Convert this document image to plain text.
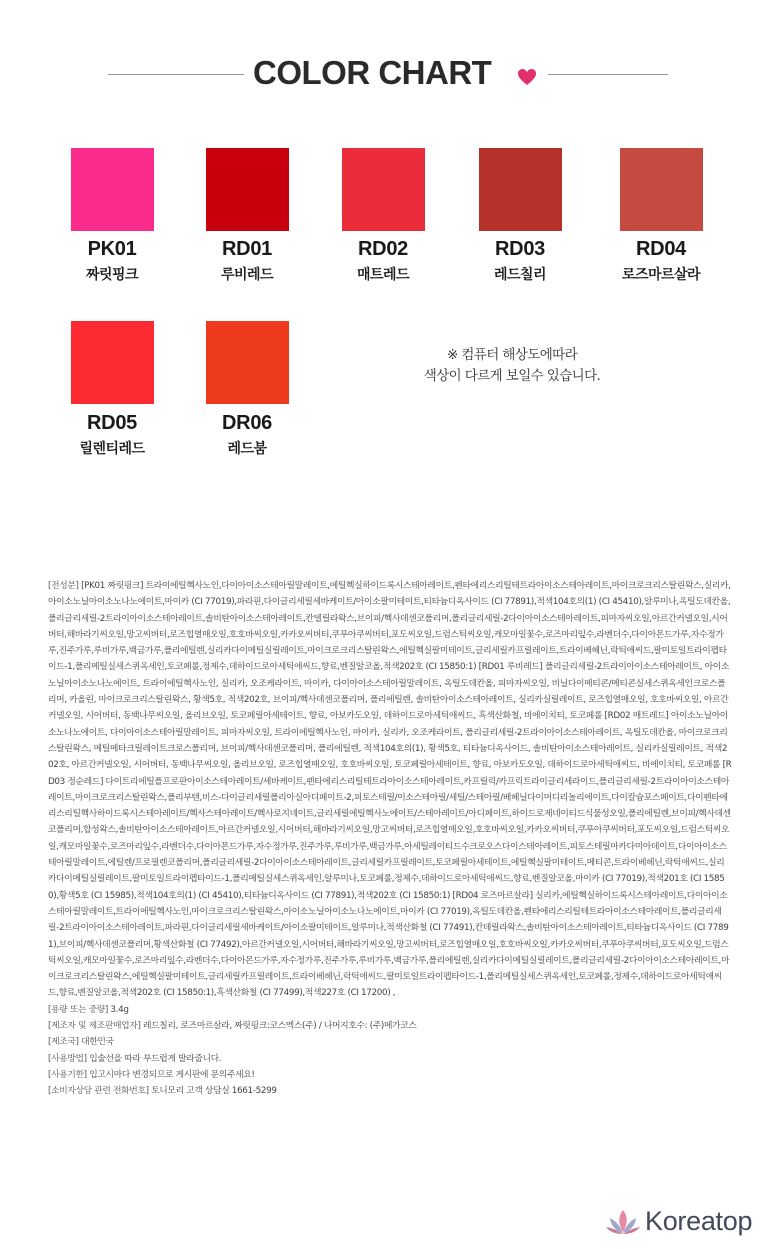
COLOR CHART
PK01
짜릿핑크
RD01
루비레드
RD02
매트레드
RD03
레드칠리
RD04
로즈마르살라
RD05
릴렌티레드
DR06
레드붐
※ 컴퓨터 해상도에따라
색상이 다르게 보일수 있습니다.

[전성분] [PK01 짜릿핑크] 트라이에틸헥사노인,다이아이소스테아릴말레이트,에틸헥실하이드록시스테아레이트,펜타에리스리틸테트라아이소스테아레이트,마이크로크리스탈린왁스,실리카,아이소노닐아이소노나노에이트,마이카 (CI 77019),파라핀,다이글리세릴세바케이트/아이소팔미테이트,티타늄디옥사이드 (CI 77891),적색104호의(1) (CI 45410),알루미나,옥틸도데칸올,폴리글리세릴-2트라이아이소스테아레이트,솔비탄아이소스테아레이트,칸델릴라왁스,브이피/헥사데센코폴리머,폴리글리세릴-2다이아이소스테아레이트,피마자씨오일,아르간커넬오일,시어버터,해바라기씨오일,망고씨버터,로즈힙열매오일,호호바씨오일,카카오씨버터,쿠푸아쿠씨버터,포도씨오일,드럼스틱씨오일,캐모마일꽃수,로즈마리잎수,라벤더수,다이아몬드가루,자수정가루,진주가루,루비가루,백금가루,폴리에틸렌,실리카다이메틸실릴레이트,마이크로크리스탈린왁스,에틸헥실팔미테이트,글리세릴카프릴레이트,트라이베헤닌,락틱애씨드,팔미토일트라이펩타이드-1,폴리메틸실세스퀴옥세인,토코페롤,정제수,데하이드로아세틱애씨드,향료,벤질알코올,적색202호 (CI 15850:1) [RD01 루비레드] 폴리글리세릴-2트라이아이소스테아레이트, 아이소노닐아이소노나노에이트, 트라이에틸헥사노인, 실리카, 오조케라이트, 마이카, 다이아이소스테아릴말레이트, 옥틸도데칸올, 피마자씨오일, 비닐다이메티콘/메티콘실세스퀴옥세인크로스폴리머, 카올린, 마이크로크리스탈린왁스, 황색5호, 적색202호, 브이피/헥사데센코폴리머, 폴리에틸렌, 솔비탄아이소스테아레이트, 실리카실릴레이트, 로즈힙열매오일, 호호바씨오일, 아르간커넬오일, 시어버터, 동백나무씨오일, 올리브오일, 토코페릴아세테이트, 향료, 아보카도오일, 데하이드로아세틱애씨드, 흑색산화철, 비에이치티, 토코페롤 [RD02 매트레드] 아이소노닐아이소노나노에이트, 다이아이소스테아릴말레이트, 피마자씨오일, 트라이에틸헥사노인, 마이카, 실리카, 오조케라이트, 폴리글리세릴-2트라이아이소스테아레이트, 옥틸도데칸올, 마이크로크리스탈린왁스, 메틸메타크릴레이트크로스폴리머, 브이피/헥사데센코폴리머, 폴리에틸렌, 적색104호의(1), 황색5호, 티타늄디옥사이드, 솔비탄아이소스테아레이트, 실리카실릴레이트, 적색202호, 아르간커넬오일, 시어버터, 동백나무씨오일, 올리브오일, 로즈힙열매오일, 호호바씨오일, 토코페릴아세테이트, 향료, 아보카도오일, 데하이드로아세틱애씨드, 비에이치티, 토코페롤 [RD03 정순레드] 다이트리에틸플프로판아이소스테아레이트/세바케이트,펜타에리스리틸테트라아이소스테아레이트,카프릴릭/카프릭트라이글리세라이드,폴리글리세릴-2트라이아이소스테아레이트,마이크로크리스탈린왁스,폴리부텐,비스-다이글리세릴폴리아실아디페이트-2,피토스테릴/이소스테아릴/세틸/스테아릴/베헤닐다이머디리놀리에이트,다이칼슘포스페이트,다이펜타에리스리틸헥사하이드록시스테아레이트/헥사스테아레이트/헥사로지네이트,글리세릴에틸헥사노에이트/스테아레이트/아디페이트,하이드로제네이티드식물성오일,폴리에틸렌,브이피/헥사데센코폴리머,합성왁스,솔비탄아이소스테아레이트,아르간커넬오일,시어버터,해바라기씨오일,망고씨버터,로즈힙열매오일,호호바씨오일,카카오씨버터,쿠푸아쿠씨버터,포도씨오일,드럼스틱씨오일,캐모마일꽃수,로즈마리잎수,라벤더수,다이아몬드가루,자수정가루,진주가루,루비가루,백금가루,아세틸레이티드수크로오스다이스테아레이트,피토스테릴마카다미아데이트,다이아이소스테아릴말레이트,에틸렌/프로필렌코폴리머,폴리글리세릴-2다이아이소스테아레이트,글리세릴카프릴레이트,토코페릴아세테이트,에틸헥실팔미테이트,메티콘,트라이베헤닌,락틱애씨드,실리카다이메틸실릴레이트,팔미토일트라이펩타이드-1,폴리메틸실세스퀴옥세인,알루미나,토코페롤,정제수,데하이드로아세틱애씨드,향료,벤질알코올,마이카 (CI 77019),적색201호 (CI 15850),황색5호 (CI 15985),적색104호의(1) (CI 45410),티타늄디옥사이드 (CI 77891),적색202호 (CI 15850:1) [RD04 로즈마르살라] 실리카,에틸헥실하이드록시스테아레이트,다이아이소스테아릴말레이트,트라이에틸헥사노인,마이크로크리스탈린왁스,아이소노닐아이소노나노에이트,마이카 (CI 77019),옥틸도데칸올,펜타에리스리틸테트라아이소스테아레이트,폴리글리세릴-2트라이아이소스테아레이트,파라핀,다이글리세릴세바케이트/아이소팔미테이트,알루미나,적색산화철 (CI 77491),칸데릴라왁스,솔비탄아이소스테아레이트,티타늄디옥사이드 (CI 77891),브이피/헥사데센코폴리머,황색산화철 (CI 77492),아르간커넬오일,시어버터,해바라기씨오일,망고씨버터,로즈힙열매오일,호호바씨오일,카카오씨버터,쿠푸아쿠씨버터,포도씨오일,드럼스틱씨오일,캐모마일꽃수,로즈마리잎수,라벤더수,다이아몬드가루,자수정가루,진주가루,루비가루,백금가루,폴리에틸렌,실리카다이메틸실릴레이트,폴리글리세릴-2다이아이소스테아레이트,마이크로크리스탈린왁스,에틸헥실팔미테이트,글리세릴카프릴레이트,트라이베헤닌,락틱애씨드,팔미토일트라이펩타이드-1,폴리메틸실세스퀴옥세인,토코페롤,정제수,데하이드로아세틱애씨드,향료,벤질알코올,적색202호 (CI 15850:1),흑색산화철 (CI 77499),적색227호 (CI 17200) ,

[용량 또는 중량] 3.4g

[제조자 및 제조판매업자] 레드칠리, 로즈마르살라, 짜릿핑크:코스멕스(주) / 나머지호수: (주)메가코스

[제조국] 대한민국

[사용방법] 입술선을 따라 부드럽게 발라줍니다.

[사용기한] 입고시마다 변경되므로 게시판에 문의주세요!

[소비자상담 관련 전화번호] 토니모리 고객 상담실 1661-5299

Koreatop
